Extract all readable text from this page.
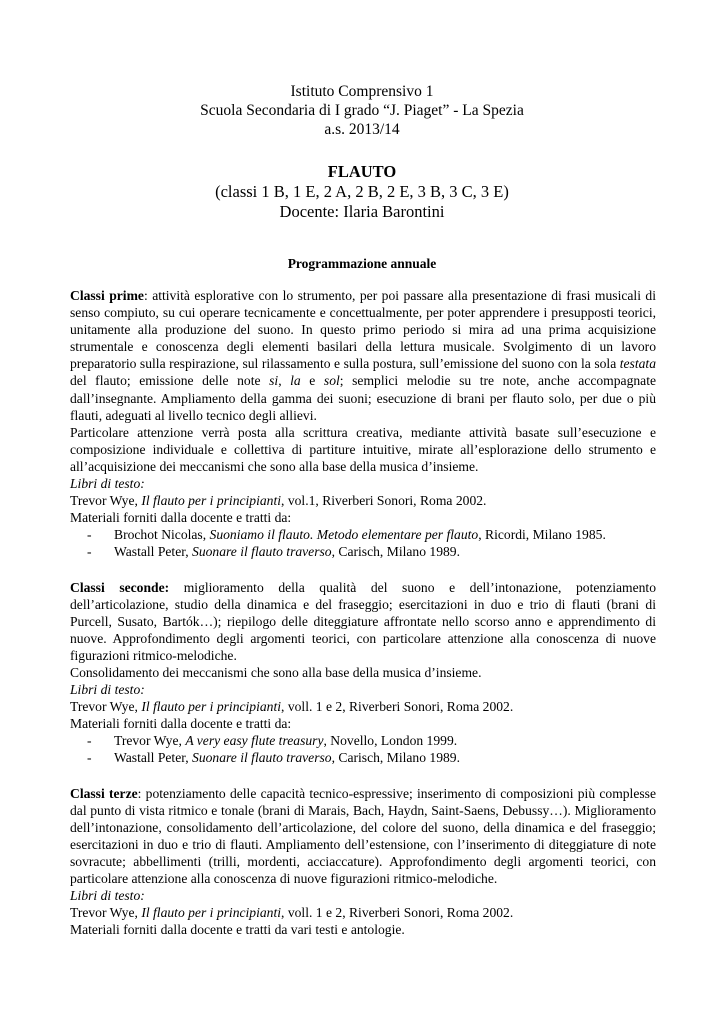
Istituto Comprensivo 1
Scuola Secondaria di I grado “J. Piaget” - La Spezia
a.s. 2013/14
FLAUTO
(classi 1 B, 1 E, 2 A, 2 B, 2 E, 3 B, 3 C, 3 E)
Docente: Ilaria Barontini
Programmazione annuale

Classi prime: attività esplorative con lo strumento, per poi passare alla presentazione di frasi musicali di senso compiuto, su cui operare tecnicamente e concettualmente, per poter apprendere i presupposti teorici, unitamente alla produzione del suono. In questo primo periodo si mira ad una prima acquisizione strumentale e conoscenza degli elementi basilari della lettura musicale. Svolgimento di un lavoro preparatorio sulla respirazione, sul rilassamento e sulla postura, sull’emissione del suono con la sola testata del flauto; emissione delle note si, la e sol; semplici melodie su tre note, anche accompagnate dall’insegnante. Ampliamento della gamma dei suoni; esecuzione di brani per flauto solo, per due o più flauti, adeguati al livello tecnico degli allievi.

Particolare attenzione verrà posta alla scrittura creativa, mediante attività basate sull’esecuzione e composizione individuale e collettiva di partiture intuitive, mirate all’esplorazione dello strumento e all’acquisizione dei meccanismi che sono alla base della musica d’insieme.

Libri di testo:

Trevor Wye, Il flauto per i principianti, vol.1, Riverberi Sonori, Roma 2002.

Materiali forniti dalla docente e tratti da:

- Brochot Nicolas, Suoniamo il flauto. Metodo elementare per flauto, Ricordi, Milano 1985.
- Wastall Peter, Suonare il flauto traverso, Carisch, Milano 1989.

Classi seconde: miglioramento della qualità del suono e dell’intonazione, potenziamento dell’articolazione, studio della dinamica e del fraseggio; esercitazioni in duo e trio di flauti (brani di Purcell, Susato, Bartók…); riepilogo delle diteggiature affrontate nello scorso anno e apprendimento di nuove. Approfondimento degli argomenti teorici, con particolare attenzione alla conoscenza di nuove figurazioni ritmico-melodiche.

Consolidamento dei meccanismi che sono alla base della musica d’insieme.

Libri di testo:

Trevor Wye, Il flauto per i principianti, voll. 1 e 2, Riverberi Sonori, Roma 2002.

Materiali forniti dalla docente e tratti da:

- Trevor Wye, A very easy flute treasury, Novello, London 1999.
- Wastall Peter, Suonare il flauto traverso, Carisch, Milano 1989.

Classi terze: potenziamento delle capacità tecnico-espressive; inserimento di composizioni più complesse dal punto di vista ritmico e tonale (brani di Marais, Bach, Haydn, Saint-Saens, Debussy…). Miglioramento dell’intonazione, consolidamento dell’articolazione, del colore del suono, della dinamica e del fraseggio; esercitazioni in duo e trio di flauti. Ampliamento dell’estensione, con l’inserimento di diteggiature di note sovracute; abbellimenti (trilli, mordenti, acciaccature). Approfondimento degli argomenti teorici, con particolare attenzione alla conoscenza di nuove figurazioni ritmico-melodiche.

Libri di testo:

Trevor Wye, Il flauto per i principianti, voll. 1 e 2, Riverberi Sonori, Roma 2002.

Materiali forniti dalla docente e tratti da vari testi e antologie.
